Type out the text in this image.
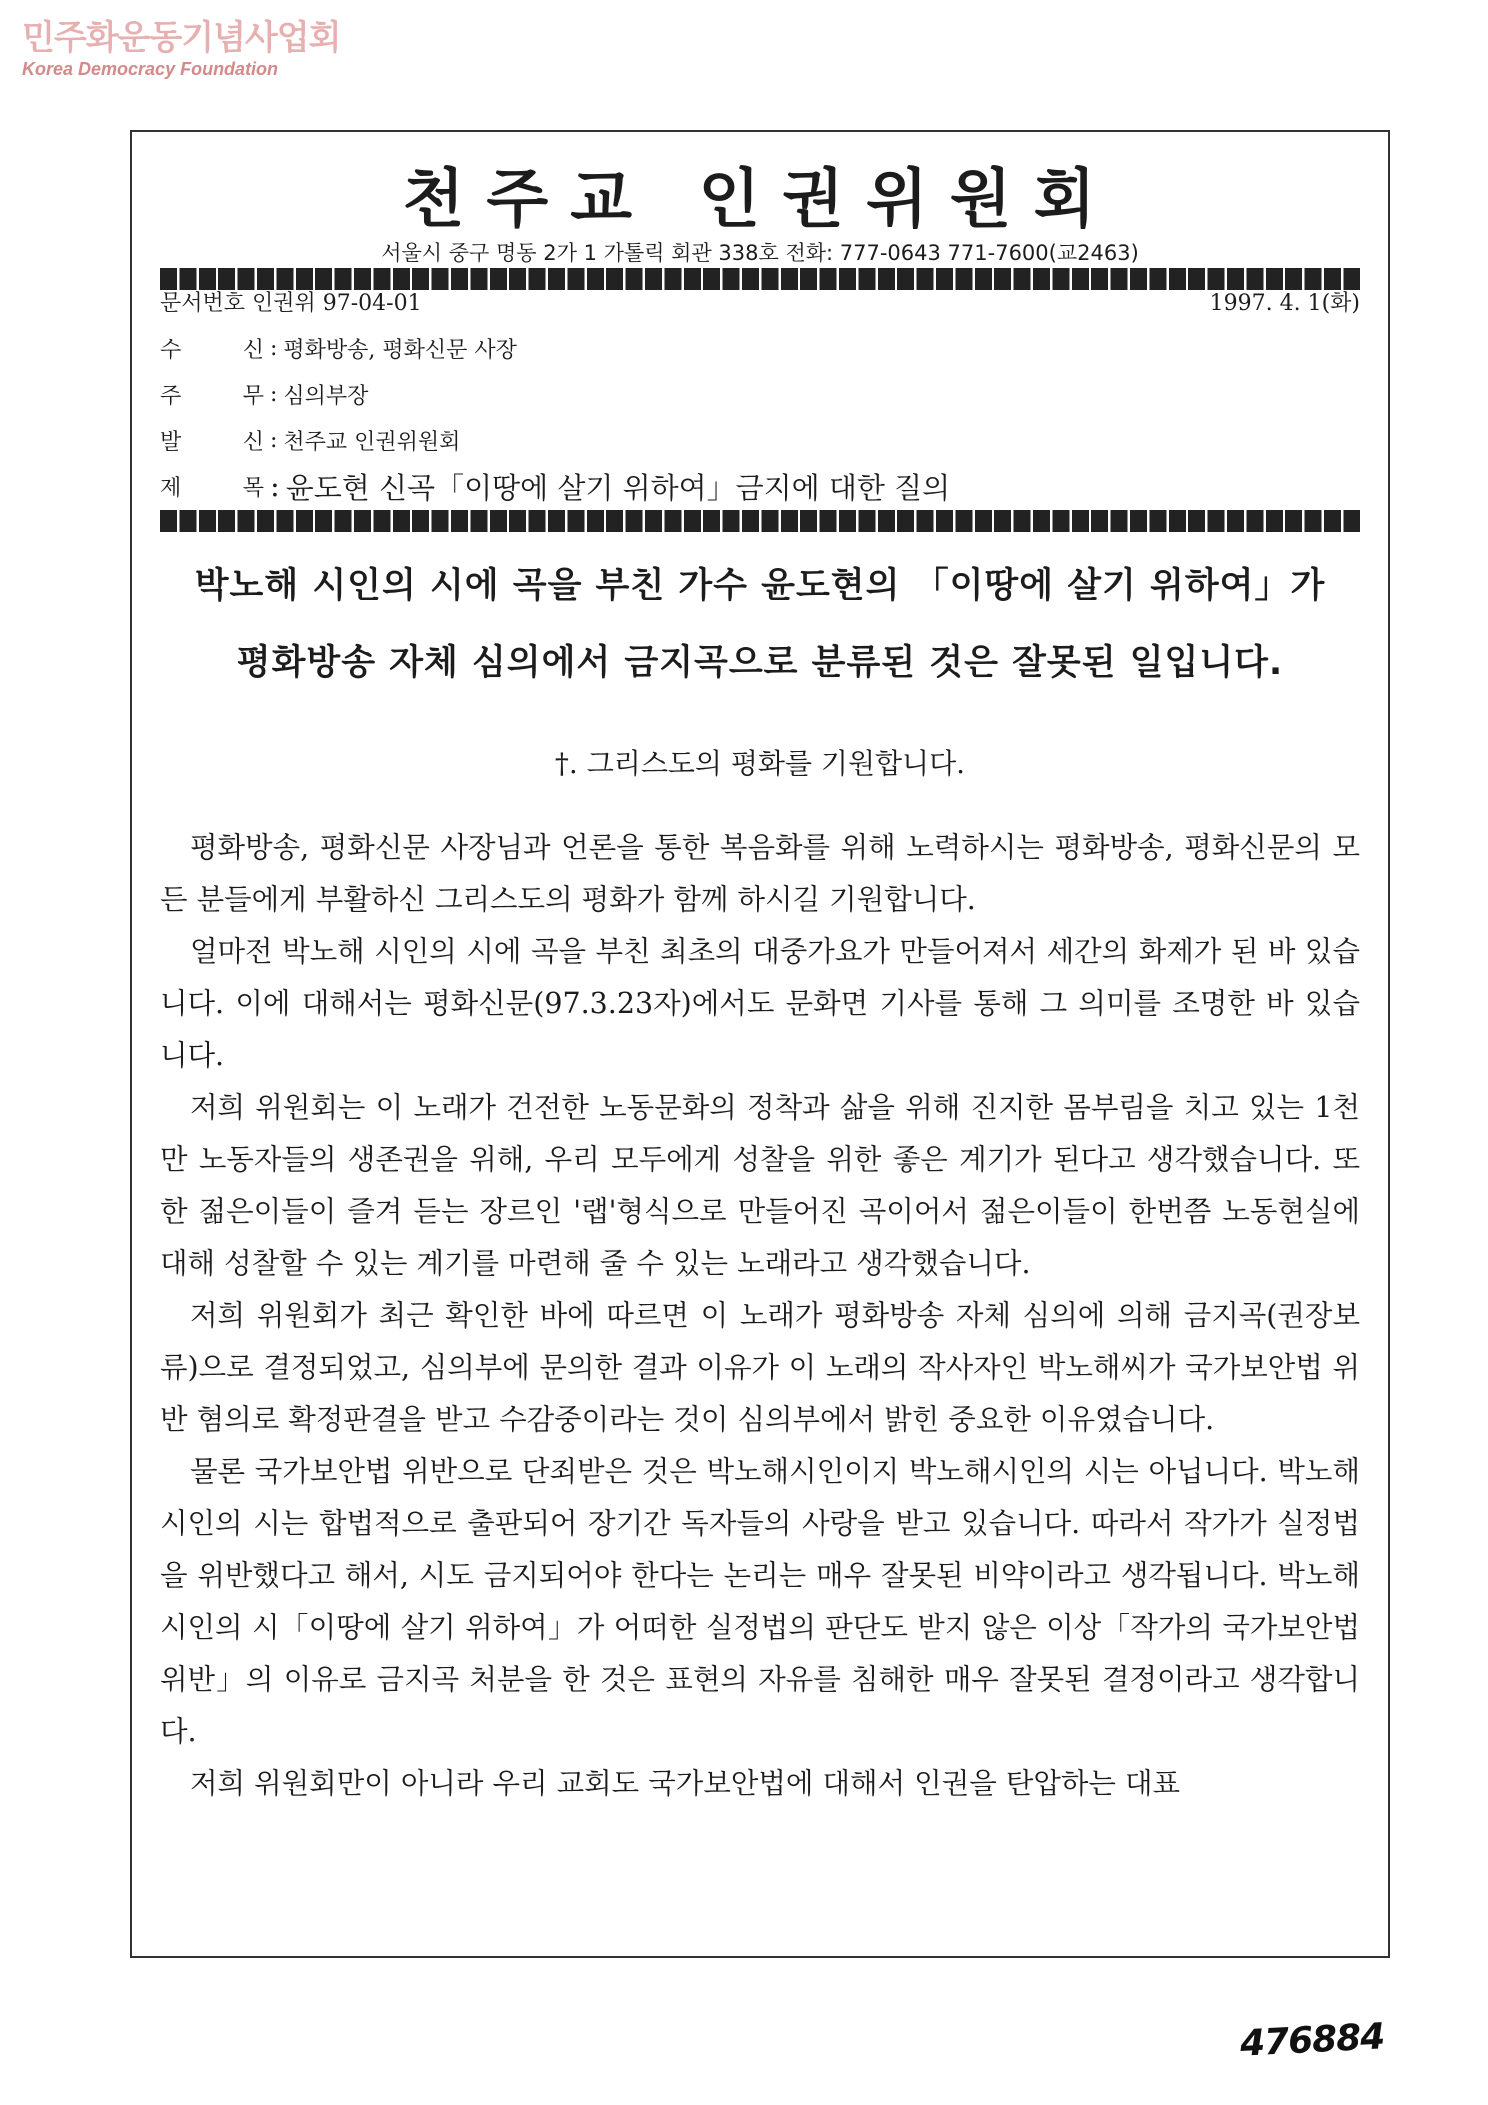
민주화운동기념사업회
Korea Democracy Foundation
천주교 인권위원회
서울시 중구 명동 2가 1 가톨릭 회관 338호 전화: 777-0643 771-7600(교2463)
문서번호 인권위 97-04-01	1997. 4. 1(화)
수	신 : 평화방송, 평화신문 사장
주	무 : 심의부장
발	신 : 천주교 인권위원회
제	목 : 윤도현 신곡「이땅에 살기 위하여」금지에 대한 질의
박노해 시인의 시에 곡을 부친 가수 윤도현의 「이땅에 살기 위하여」가
평화방송 자체 심의에서 금지곡으로 분류된 것은 잘못된 일입니다.
†. 그리스도의 평화를 기원합니다.

평화방송, 평화신문 사장님과 언론을 통한 복음화를 위해 노력하시는 평화방송, 평화신문의 모든 분들에게 부활하신 그리스도의 평화가 함께 하시길 기원합니다.

얼마전 박노해 시인의 시에 곡을 부친 최초의 대중가요가 만들어져서 세간의 화제가 된 바 있습니다. 이에 대해서는 평화신문(97.3.23자)에서도 문화면 기사를 통해 그 의미를 조명한 바 있습니다.

저희 위원회는 이 노래가 건전한 노동문화의 정착과 삶을 위해 진지한 몸부림을 치고 있는 1천만 노동자들의 생존권을 위해, 우리 모두에게 성찰을 위한 좋은 계기가 된다고 생각했습니다. 또한 젊은이들이 즐겨 듣는 장르인 '랩'형식으로 만들어진 곡이어서 젊은이들이 한번쯤 노동현실에 대해 성찰할 수 있는 계기를 마련해 줄 수 있는 노래라고 생각했습니다.

저희 위원회가 최근 확인한 바에 따르면 이 노래가 평화방송 자체 심의에 의해 금지곡(권장보류)으로 결정되었고, 심의부에 문의한 결과 이유가 이 노래의 작사자인 박노해씨가 국가보안법 위반 혐의로 확정판결을 받고 수감중이라는 것이 심의부에서 밝힌 중요한 이유였습니다.

물론 국가보안법 위반으로 단죄받은 것은 박노해시인이지 박노해시인의 시는 아닙니다. 박노해 시인의 시는 합법적으로 출판되어 장기간 독자들의 사랑을 받고 있습니다. 따라서 작가가 실정법을 위반했다고 해서, 시도 금지되어야 한다는 논리는 매우 잘못된 비약이라고 생각됩니다. 박노해 시인의 시「이땅에 살기 위하여」가 어떠한 실정법의 판단도 받지 않은 이상「작가의 국가보안법 위반」의 이유로 금지곡 처분을 한 것은 표현의 자유를 침해한 매우 잘못된 결정이라고 생각합니다.

저희 위원회만이 아니라 우리 교회도 국가보안법에 대해서 인권을 탄압하는 대표

476884
